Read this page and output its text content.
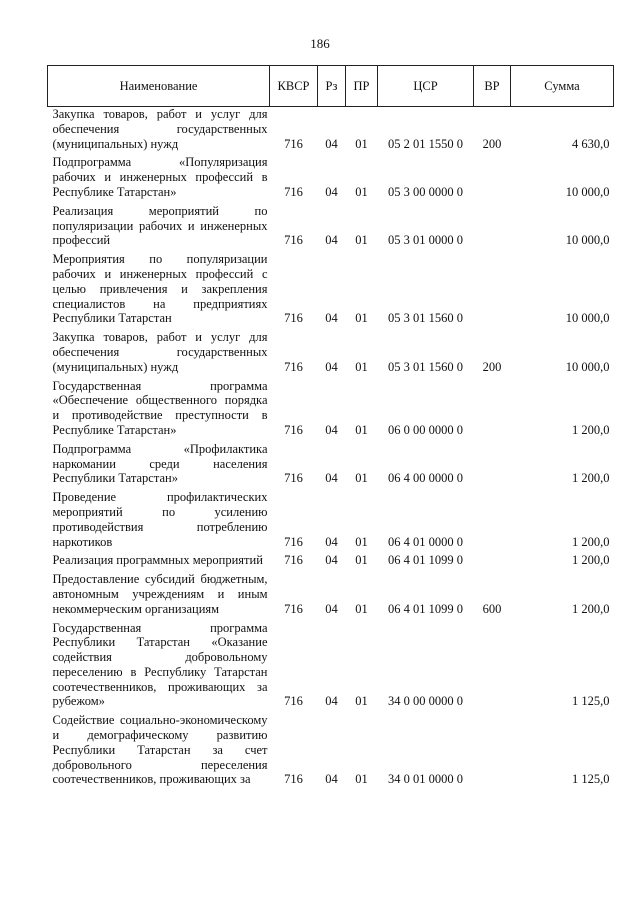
186
Наименование	КВСР	Рз	ПР	ЦСР	ВР	Сумма
Закупка товаров, работ и услуг для обеспечения государственных (муниципальных) нужд	716	04	01	05 2 01 1550 0	200	4 630,0
Подпрограмма «Популяризация рабочих и инженерных профессий в Республике Татарстан»	716	04	01	05 3 00 0000 0		10 000,0
Реализация мероприятий по популяризации рабочих и инженерных профессий	716	04	01	05 3 01 0000 0		10 000,0
Мероприятия по популяризации рабочих и инженерных профессий с целью привлечения и закрепления специалистов на предприятиях Республики Татарстан	716	04	01	05 3 01 1560 0		10 000,0
Закупка товаров, работ и услуг для обеспечения государственных (муниципальных) нужд	716	04	01	05 3 01 1560 0	200	10 000,0
Государственная программа «Обеспечение общественного порядка и противодействие преступности в Республике Татарстан»	716	04	01	06 0 00 0000 0		1 200,0
Подпрограмма «Профилактика наркомании среди населения Республики Татарстан»	716	04	01	06 4 00 0000 0		1 200,0
Проведение профилактических мероприятий по усилению противодействия потреблению наркотиков	716	04	01	06 4 01 0000 0		1 200,0
Реализация программных мероприятий	716	04	01	06 4 01 1099 0		1 200,0
Предоставление субсидий бюджетным, автономным учреждениям и иным некоммерческим организациям	716	04	01	06 4 01 1099 0	600	1 200,0
Государственная программа Республики Татарстан «Оказание содействия добровольному переселению в Республику Татарстан соотечественников, проживающих за рубежом»	716	04	01	34 0 00 0000 0		1 125,0
Содействие социально-экономическому и демографическому развитию Республики Татарстан за счет добровольного переселения соотечественников, проживающих за	716	04	01	34 0 01 0000 0		1 125,0
